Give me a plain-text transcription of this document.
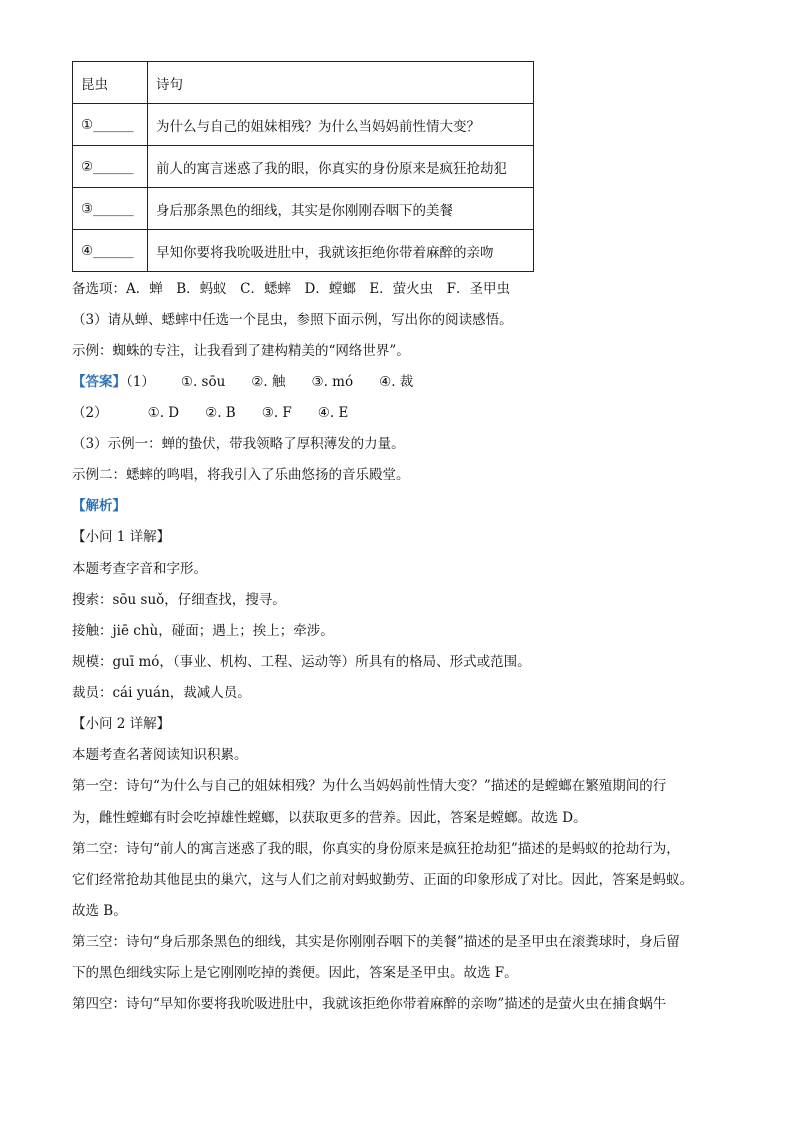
昆虫	诗句
①______	为什么与自己的姐妹相残？为什么当妈妈前性情大变？
②______	前人的寓言迷惑了我的眼，你真实的身份原来是疯狂抢劫犯
③______	身后那条黑色的细线，其实是你刚刚吞咽下的美餐
④______	早知你要将我吮吸进肚中，我就该拒绝你带着麻醉的亲吻
备选项：A．蝉　B．蚂蚁　C．蟋蟀　D．螳螂　E．萤火虫　F．圣甲虫
（3）请从蝉、蟋蟀中任选一个昆虫，参照下面示例，写出你的阅读感悟。
示例：蜘蛛的专注，让我看到了建构精美的“网络世界”。
【答案】（1） ①. sōu ②. 触 ③. mó ④. 裁
（2）	①. D ②. B ③. F ④. E
（3）示例一：蝉的蛰伏，带我领略了厚积薄发的力量。
示例二：蟋蟀的鸣唱，将我引入了乐曲悠扬的音乐殿堂。
【解析】
【小问 1 详解】
本题考查字音和字形。
搜索：sōu suǒ，仔细查找，搜寻。
接触：jiē chù，碰面；遇上；挨上；牵涉。
规模：guī mó，（事业、机构、工程、运动等）所具有的格局、形式或范围。
裁员：cái yuán，裁减人员。
【小问 2 详解】
本题考查名著阅读知识积累。
第一空：诗句“为什么与自己的姐妹相残？为什么当妈妈前性情大变？”描述的是螳螂在繁殖期间的行
为，雌性螳螂有时会吃掉雄性螳螂，以获取更多的营养。因此，答案是螳螂。故选 D。
第二空：诗句“前人的寓言迷惑了我的眼，你真实的身份原来是疯狂抢劫犯”描述的是蚂蚁的抢劫行为，
它们经常抢劫其他昆虫的巢穴，这与人们之前对蚂蚁勤劳、正面的印象形成了对比。因此，答案是蚂蚁。
故选 B。
第三空：诗句“身后那条黑色的细线，其实是你刚刚吞咽下的美餐”描述的是圣甲虫在滚粪球时，身后留
下的黑色细线实际上是它刚刚吃掉的粪便。因此，答案是圣甲虫。故选 F。
第四空：诗句“早知你要将我吮吸进肚中，我就该拒绝你带着麻醉的亲吻”描述的是萤火虫在捕食蜗牛
